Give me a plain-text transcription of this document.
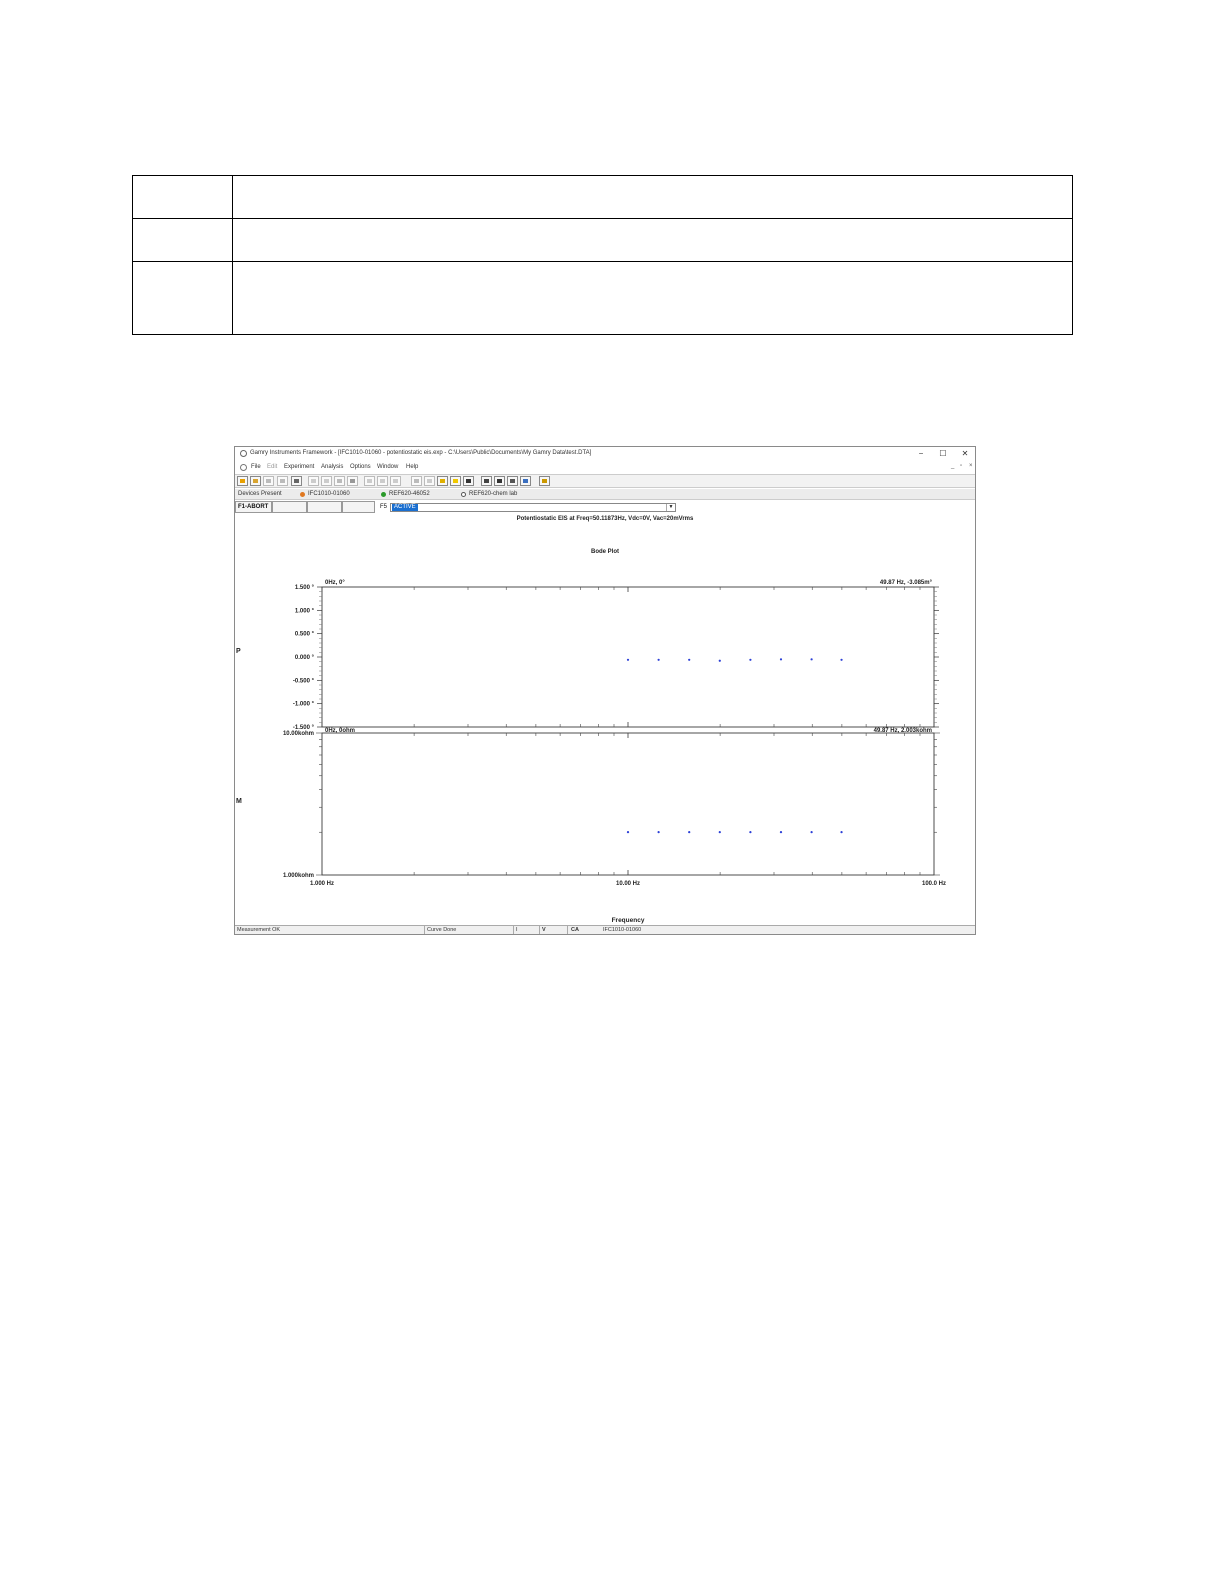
Gamry Instruments Framework - [IFC1010-01060 - potentiostatic eis.exp - C:\Users\Public\Documents\My Gamry Data\test.DTA]	−	☐	✕
File Edit Experiment Analysis Options Window Help	_ ▫ ×
Devices Present	IFC1010-01060	REF620-46052	REF620-chem lab
F1-ABORT	F5	ACTIVE	▼
Potentiostatic EIS at Freq=50.11873Hz, Vdc=0V, Vac=20mVrms
Bode Plot
1.500 °
1.000 °
0.500 °
0.000 °
-0.500 °
-1.000 °
-1.500 °
10.00kohm
1.000kohm
1.000 Hz	10.00 Hz	100.0 Hz
0Hz, 0°	49.87 Hz, -3.085m°
0Hz, 0ohm	49.87 Hz, 2.003kohm
P
M
Frequency
Measurement OK	Curve Done	I	V	CA	IFC1010-01060
